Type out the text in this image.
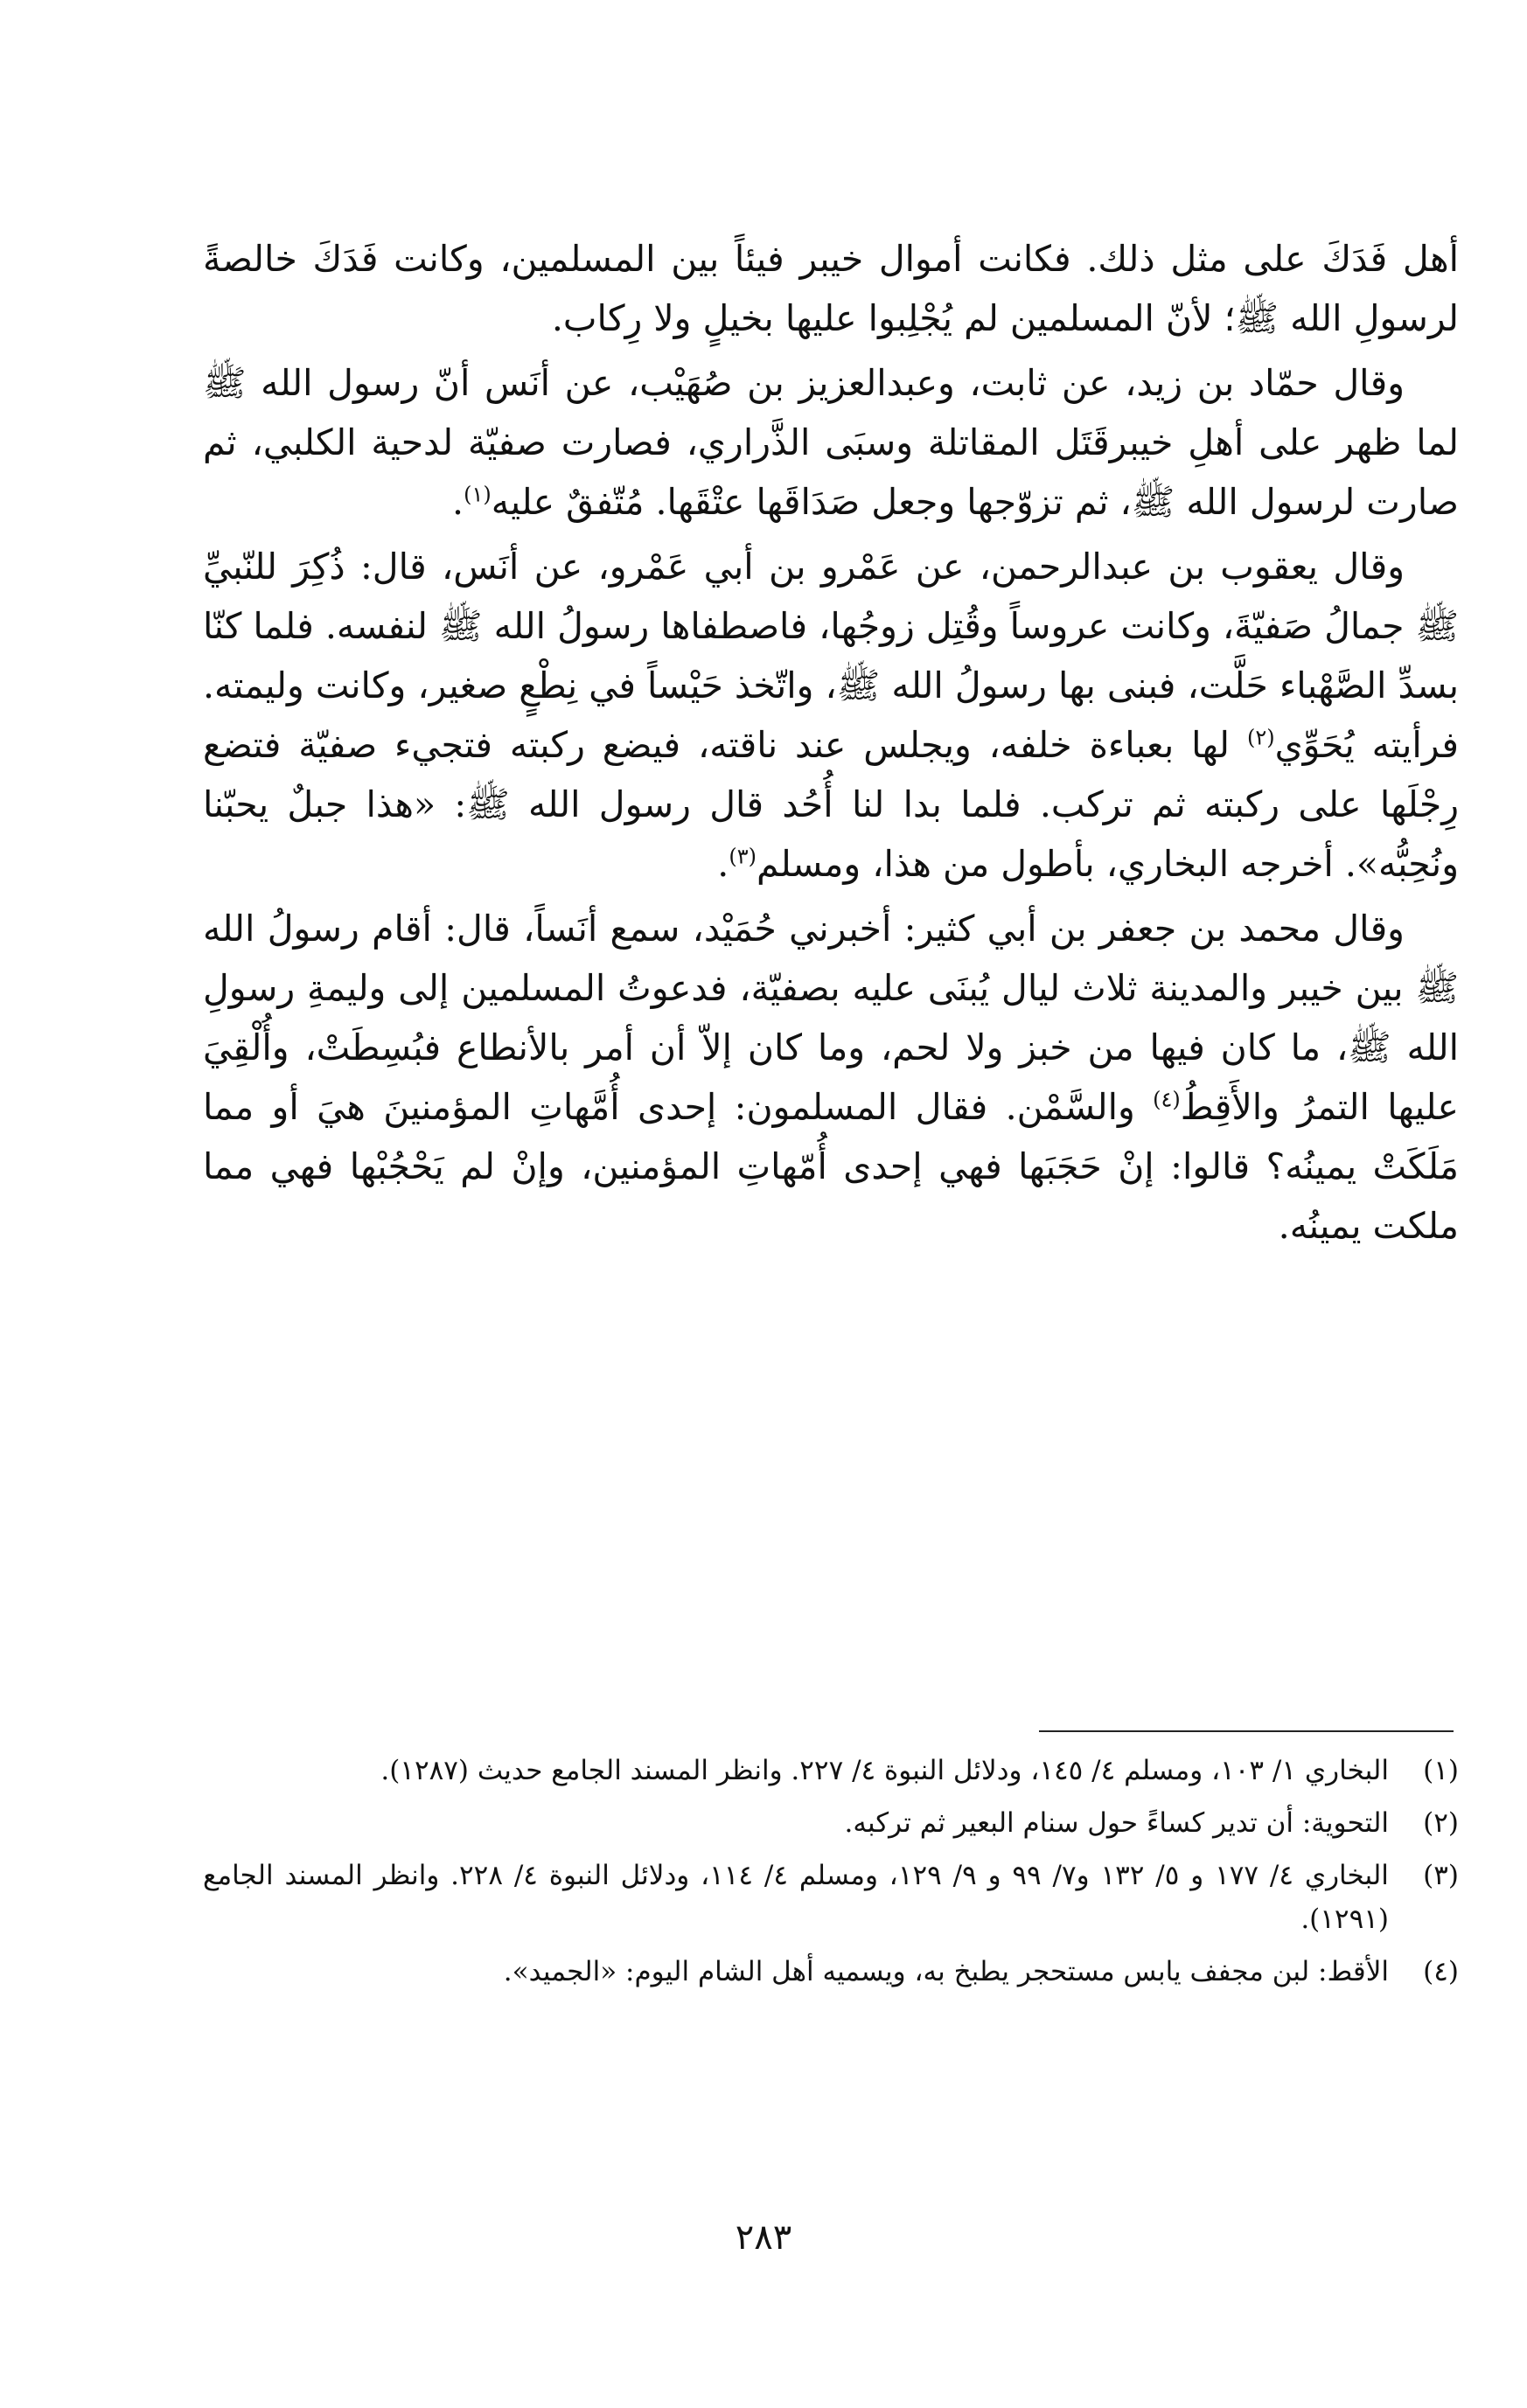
أهل فَدَكَ على مثل ذلك. فكانت أموال خيبر فيئاً بين المسلمين، وكانت فَدَكَ خالصةً لرسولِ الله ﷺ؛ لأنّ المسلمين لم يُجْلِبوا عليها بخيلٍ ولا رِكاب.

وقال حمّاد بن زيد، عن ثابت، وعبدالعزيز بن صُهَيْب، عن أنَس أنّ رسول الله ﷺ لما ظهر على أهلِ خيبرقَتَل المقاتلة وسبَى الذَّراري، فصارت صفيّة لدحية الكلبي، ثم صارت لرسول الله ﷺ، ثم تزوّجها وجعل صَدَاقَها عتْقَها. مُتّفقٌ عليه$^{(١)}$.

وقال يعقوب بن عبدالرحمن، عن عَمْرو بن أبي عَمْرو، عن أنَس، قال: ذُكِرَ للنّبيِّ ﷺ جمالُ صَفيّةَ، وكانت عروساً وقُتِل زوجُها، فاصطفاها رسولُ الله ﷺ لنفسه. فلما كنّا بسدِّ الصَّهْباء حَلَّت، فبنى بها رسولُ الله ﷺ، واتّخذ حَيْساً في نِطْعٍ صغير، وكانت وليمته. فرأيته يُحَوِّي$^{(٢)}$ لها بعباءة خلفه، ويجلس عند ناقته، فيضع ركبته فتجيء صفيّة فتضع رِجْلَها على ركبته ثم تركب. فلما بدا لنا أُحُد قال رسول الله ﷺ: «هذا جبلٌ يحبّنا ونُحِبُّه». أخرجه البخاري، بأطول من هذا، ومسلم$^{(٣)}$.

وقال محمد بن جعفر بن أبي كثير: أخبرني حُمَيْد، سمع أنَساً، قال: أقام رسولُ الله ﷺ بين خيبر والمدينة ثلاث ليال يُبنَى عليه بصفيّة، فدعوتُ المسلمين إلى وليمةِ رسولِ الله ﷺ، ما كان فيها من خبز ولا لحم، وما كان إلاّ أن أمر بالأنطاع فبُسِطَتْ، وأُلْقِيَ عليها التمرُ والأَقِطُ$^{(٤)}$ والسَّمْن. فقال المسلمون: إحدى أُمَّهاتِ المؤمنينَ هيَ أو مما مَلَكَتْ يمينُه؟ قالوا: إنْ حَجَبَها فهي إحدى أُمّهاتِ المؤمنين، وإنْ لم يَحْجُبْها فهي مما ملكت يمينُه.

(١)
البخاري ١/ ١٠٣، ومسلم ٤/ ١٤٥، ودلائل النبوة ٤/ ٢٢٧. وانظر المسند الجامع حديث (١٢٨٧).
(٢)
التحوية: أن تدير كساءً حول سنام البعير ثم تركبه.
(٣)
البخاري ٤/ ١٧٧ و ٥/ ١٣٢ و٧/ ٩٩ و ٩/ ١٢٩، ومسلم ٤/ ١١٤، ودلائل النبوة ٤/ ٢٢٨. وانظر المسند الجامع (١٢٩١).
(٤)
الأقط: لبن مجفف يابس مستحجر يطبخ به، ويسميه أهل الشام اليوم: «الجميد».
٢٨٣
